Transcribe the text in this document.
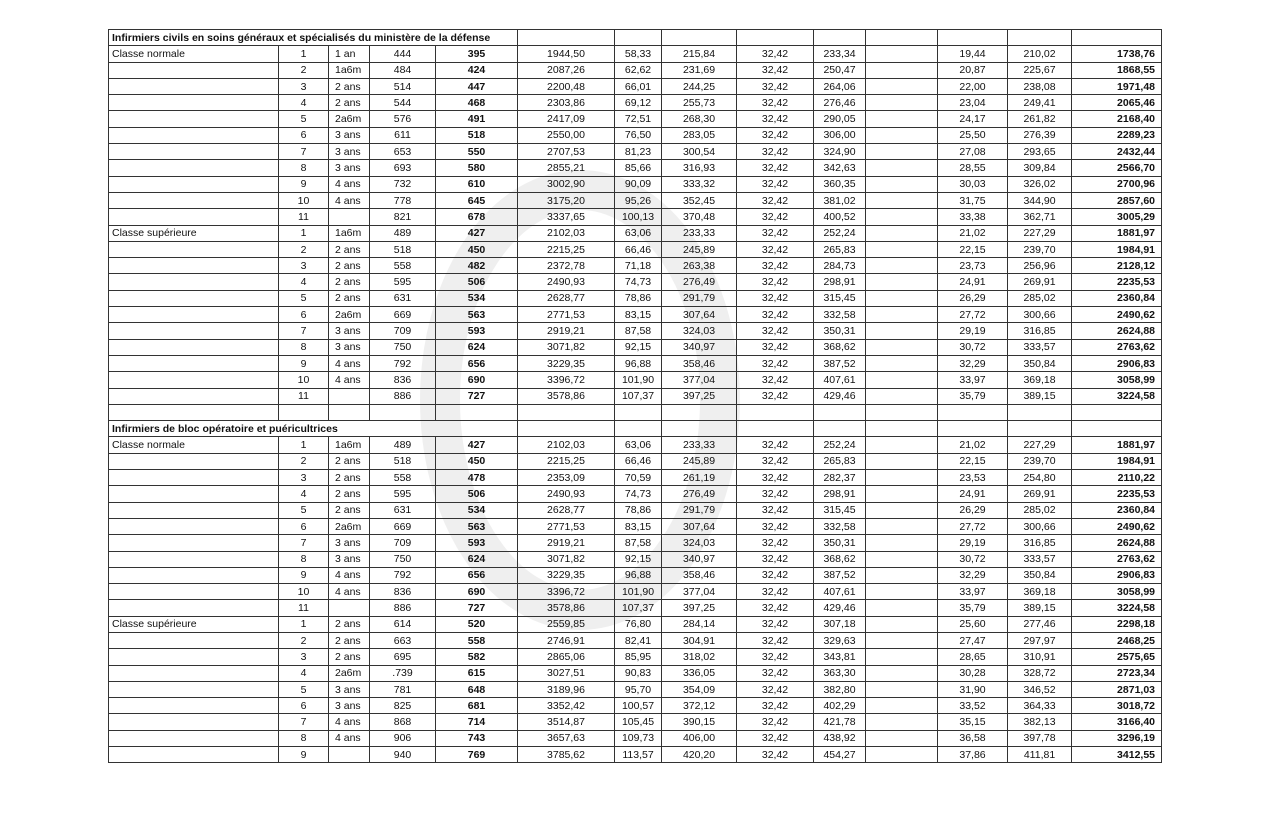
Infirmiers civils en soins généraux et spécialisés du ministère de la défense													
Classe normale	1	1 an	444	395	1944,50	58,33	215,84	32,42	233,34		19,44	210,02	1738,76
	2	1a6m	484	424	2087,26	62,62	231,69	32,42	250,47		20,87	225,67	1868,55
	3	2 ans	514	447	2200,48	66,01	244,25	32,42	264,06		22,00	238,08	1971,48
	4	2 ans	544	468	2303,86	69,12	255,73	32,42	276,46		23,04	249,41	2065,46
	5	2a6m	576	491	2417,09	72,51	268,30	32,42	290,05		24,17	261,82	2168,40
	6	3 ans	611	518	2550,00	76,50	283,05	32,42	306,00		25,50	276,39	2289,23
	7	3 ans	653	550	2707,53	81,23	300,54	32,42	324,90		27,08	293,65	2432,44
	8	3 ans	693	580	2855,21	85,66	316,93	32,42	342,63		28,55	309,84	2566,70
	9	4 ans	732	610	3002,90	90,09	333,32	32,42	360,35		30,03	326,02	2700,96
	10	4 ans	778	645	3175,20	95,26	352,45	32,42	381,02		31,75	344,90	2857,60
	11		821	678	3337,65	100,13	370,48	32,42	400,52		33,38	362,71	3005,29
Classe supérieure	1	1a6m	489	427	2102,03	63,06	233,33	32,42	252,24		21,02	227,29	1881,97
	2	2 ans	518	450	2215,25	66,46	245,89	32,42	265,83		22,15	239,70	1984,91
	3	2 ans	558	482	2372,78	71,18	263,38	32,42	284,73		23,73	256,96	2128,12
	4	2 ans	595	506	2490,93	74,73	276,49	32,42	298,91		24,91	269,91	2235,53
	5	2 ans	631	534	2628,77	78,86	291,79	32,42	315,45		26,29	285,02	2360,84
	6	2a6m	669	563	2771,53	83,15	307,64	32,42	332,58		27,72	300,66	2490,62
	7	3 ans	709	593	2919,21	87,58	324,03	32,42	350,31		29,19	316,85	2624,88
	8	3 ans	750	624	3071,82	92,15	340,97	32,42	368,62		30,72	333,57	2763,62
	9	4 ans	792	656	3229,35	96,88	358,46	32,42	387,52		32,29	350,84	2906,83
	10	4 ans	836	690	3396,72	101,90	377,04	32,42	407,61		33,97	369,18	3058,99
	11		886	727	3578,86	107,37	397,25	32,42	429,46		35,79	389,15	3224,58

Infirmiers de bloc opératoire et puéricultrices													
Classe normale	1	1a6m	489	427	2102,03	63,06	233,33	32,42	252,24		21,02	227,29	1881,97
	2	2 ans	518	450	2215,25	66,46	245,89	32,42	265,83		22,15	239,70	1984,91
	3	2 ans	558	478	2353,09	70,59	261,19	32,42	282,37		23,53	254,80	2110,22
	4	2 ans	595	506	2490,93	74,73	276,49	32,42	298,91		24,91	269,91	2235,53
	5	2 ans	631	534	2628,77	78,86	291,79	32,42	315,45		26,29	285,02	2360,84
	6	2a6m	669	563	2771,53	83,15	307,64	32,42	332,58		27,72	300,66	2490,62
	7	3 ans	709	593	2919,21	87,58	324,03	32,42	350,31		29,19	316,85	2624,88
	8	3 ans	750	624	3071,82	92,15	340,97	32,42	368,62		30,72	333,57	2763,62
	9	4 ans	792	656	3229,35	96,88	358,46	32,42	387,52		32,29	350,84	2906,83
	10	4 ans	836	690	3396,72	101,90	377,04	32,42	407,61		33,97	369,18	3058,99
	11		886	727	3578,86	107,37	397,25	32,42	429,46		35,79	389,15	3224,58
Classe supérieure	1	2 ans	614	520	2559,85	76,80	284,14	32,42	307,18		25,60	277,46	2298,18
	2	2 ans	663	558	2746,91	82,41	304,91	32,42	329,63		27,47	297,97	2468,25
	3	2 ans	695	582	2865,06	85,95	318,02	32,42	343,81		28,65	310,91	2575,65
	4	2a6m	.739	615	3027,51	90,83	336,05	32,42	363,30		30,28	328,72	2723,34
	5	3 ans	781	648	3189,96	95,70	354,09	32,42	382,80		31,90	346,52	2871,03
	6	3 ans	825	681	3352,42	100,57	372,12	32,42	402,29		33,52	364,33	3018,72
	7	4 ans	868	714	3514,87	105,45	390,15	32,42	421,78		35,15	382,13	3166,40
	8	4 ans	906	743	3657,63	109,73	406,00	32,42	438,92		36,58	397,78	3296,19
	9		940	769	3785,62	113,57	420,20	32,42	454,27		37,86	411,81	3412,55
